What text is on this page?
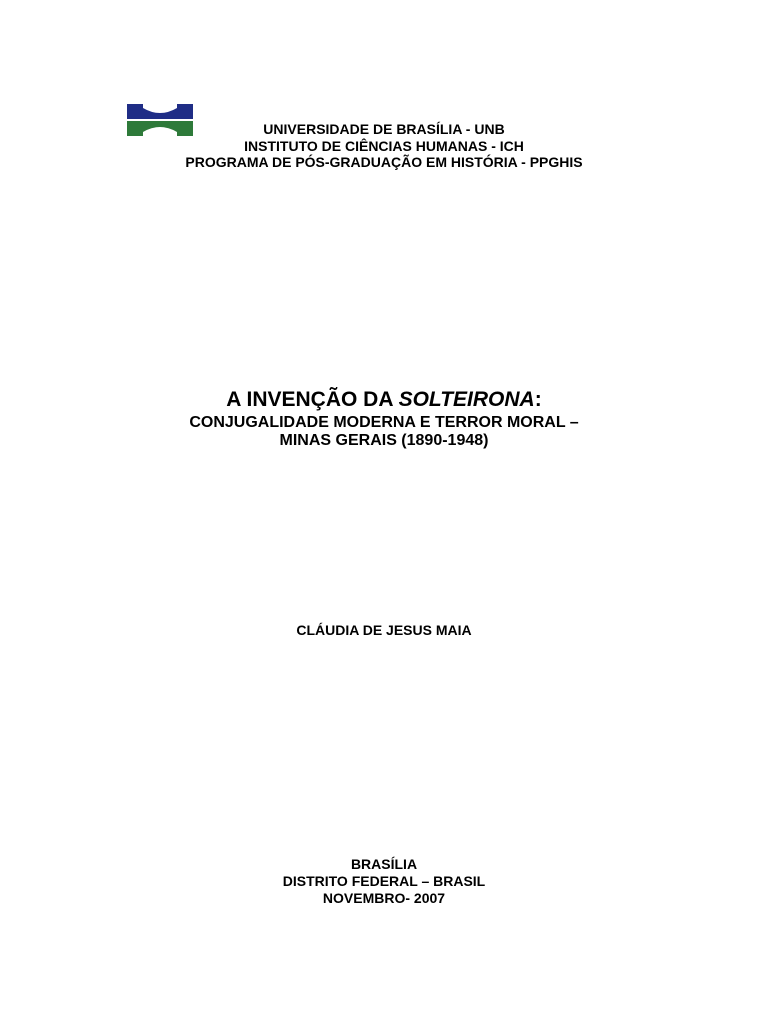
UNIVERSIDADE DE BRASÍLIA - UNB
INSTITUTO DE CIÊNCIAS HUMANAS - ICH
PROGRAMA DE PÓS-GRADUAÇÃO EM HISTÓRIA - PPGHIS
A INVENÇÃO DA SOLTEIRONA:
CONJUGALIDADE MODERNA E TERROR MORAL –
MINAS GERAIS (1890-1948)
CLÁUDIA DE JESUS MAIA
BRASÍLIA
DISTRITO FEDERAL – BRASIL
NOVEMBRO- 2007
